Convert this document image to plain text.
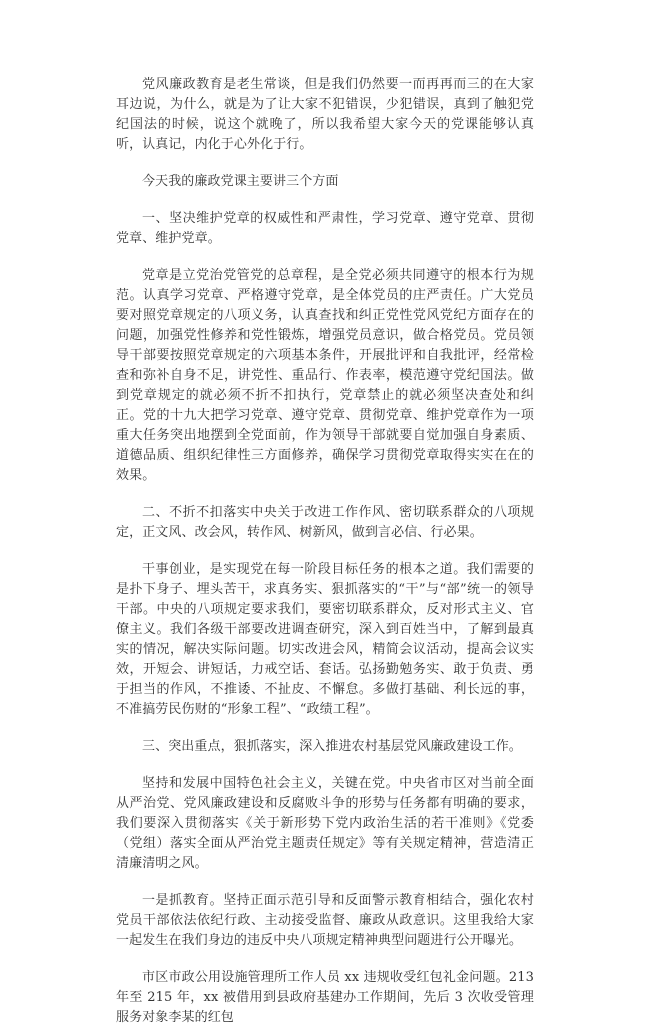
党风廉政教育是老生常谈，但是我们仍然要一而再再而三的在大家耳边说，为什么，就是为了让大家不犯错误，少犯错误，真到了触犯党纪国法的时候，说这个就晚了，所以我希望大家今天的党课能够认真听，认真记，内化于心外化于行。

今天我的廉政党课主要讲三个方面

一、坚决维护党章的权威性和严肃性，学习党章、遵守党章、贯彻党章、维护党章。

党章是立党治党管党的总章程，是全党必须共同遵守的根本行为规范。认真学习党章、严格遵守党章，是全体党员的庄严责任。广大党员要对照党章规定的八项义务，认真查找和纠正党性党风党纪方面存在的问题，加强党性修养和党性锻炼，增强党员意识，做合格党员。党员领导干部要按照党章规定的六项基本条件，开展批评和自我批评，经常检查和弥补自身不足，讲党性、重品行、作表率，模范遵守党纪国法。做到党章规定的就必须不折不扣执行，党章禁止的就必须坚决查处和纠正。党的十九大把学习党章、遵守党章、贯彻党章、维护党章作为一项重大任务突出地摆到全党面前，作为领导干部就要自觉加强自身素质、道德品质、组织纪律性三方面修养，确保学习贯彻党章取得实实在在的效果。

二、不折不扣落实中央关于改进工作作风、密切联系群众的八项规定，正文风、改会风，转作风、树新风，做到言必信、行必果。

干事创业，是实现党在每一阶段目标任务的根本之道。我们需要的是扑下身子、埋头苦干，求真务实、狠抓落实的“干”与“部”统一的领导干部。中央的八项规定要求我们，要密切联系群众，反对形式主义、官僚主义。我们各级干部要改进调查研究，深入到百姓当中，了解到最真实的情况，解决实际问题。切实改进会风，精简会议活动，提高会议实效，开短会、讲短话，力戒空话、套话。弘扬勤勉务实、敢于负责、勇于担当的作风，不推诿、不扯皮、不懈怠。多做打基础、利长远的事，不准搞劳民伤财的“形象工程”、“政绩工程”。

三、突出重点，狠抓落实，深入推进农村基层党风廉政建设工作。

坚持和发展中国特色社会主义，关键在党。中央省市区对当前全面从严治党、党风廉政建设和反腐败斗争的形势与任务都有明确的要求，我们要深入贯彻落实《关于新形势下党内政治生活的若干准则》《党委（党组）落实全面从严治党主题责任规定》等有关规定精神，营造清正清廉清明之风。

一是抓教育。坚持正面示范引导和反面警示教育相结合，强化农村党员干部依法依纪行政、主动接受监督、廉政从政意识。这里我给大家一起发生在我们身边的违反中央八项规定精神典型问题进行公开曝光。

市区市政公用设施管理所工作人员 xx 违规收受红包礼金问题。213 年至 215 年，xx 被借用到县政府基建办工作期间，先后 3 次收受管理服务对象李某的红包
